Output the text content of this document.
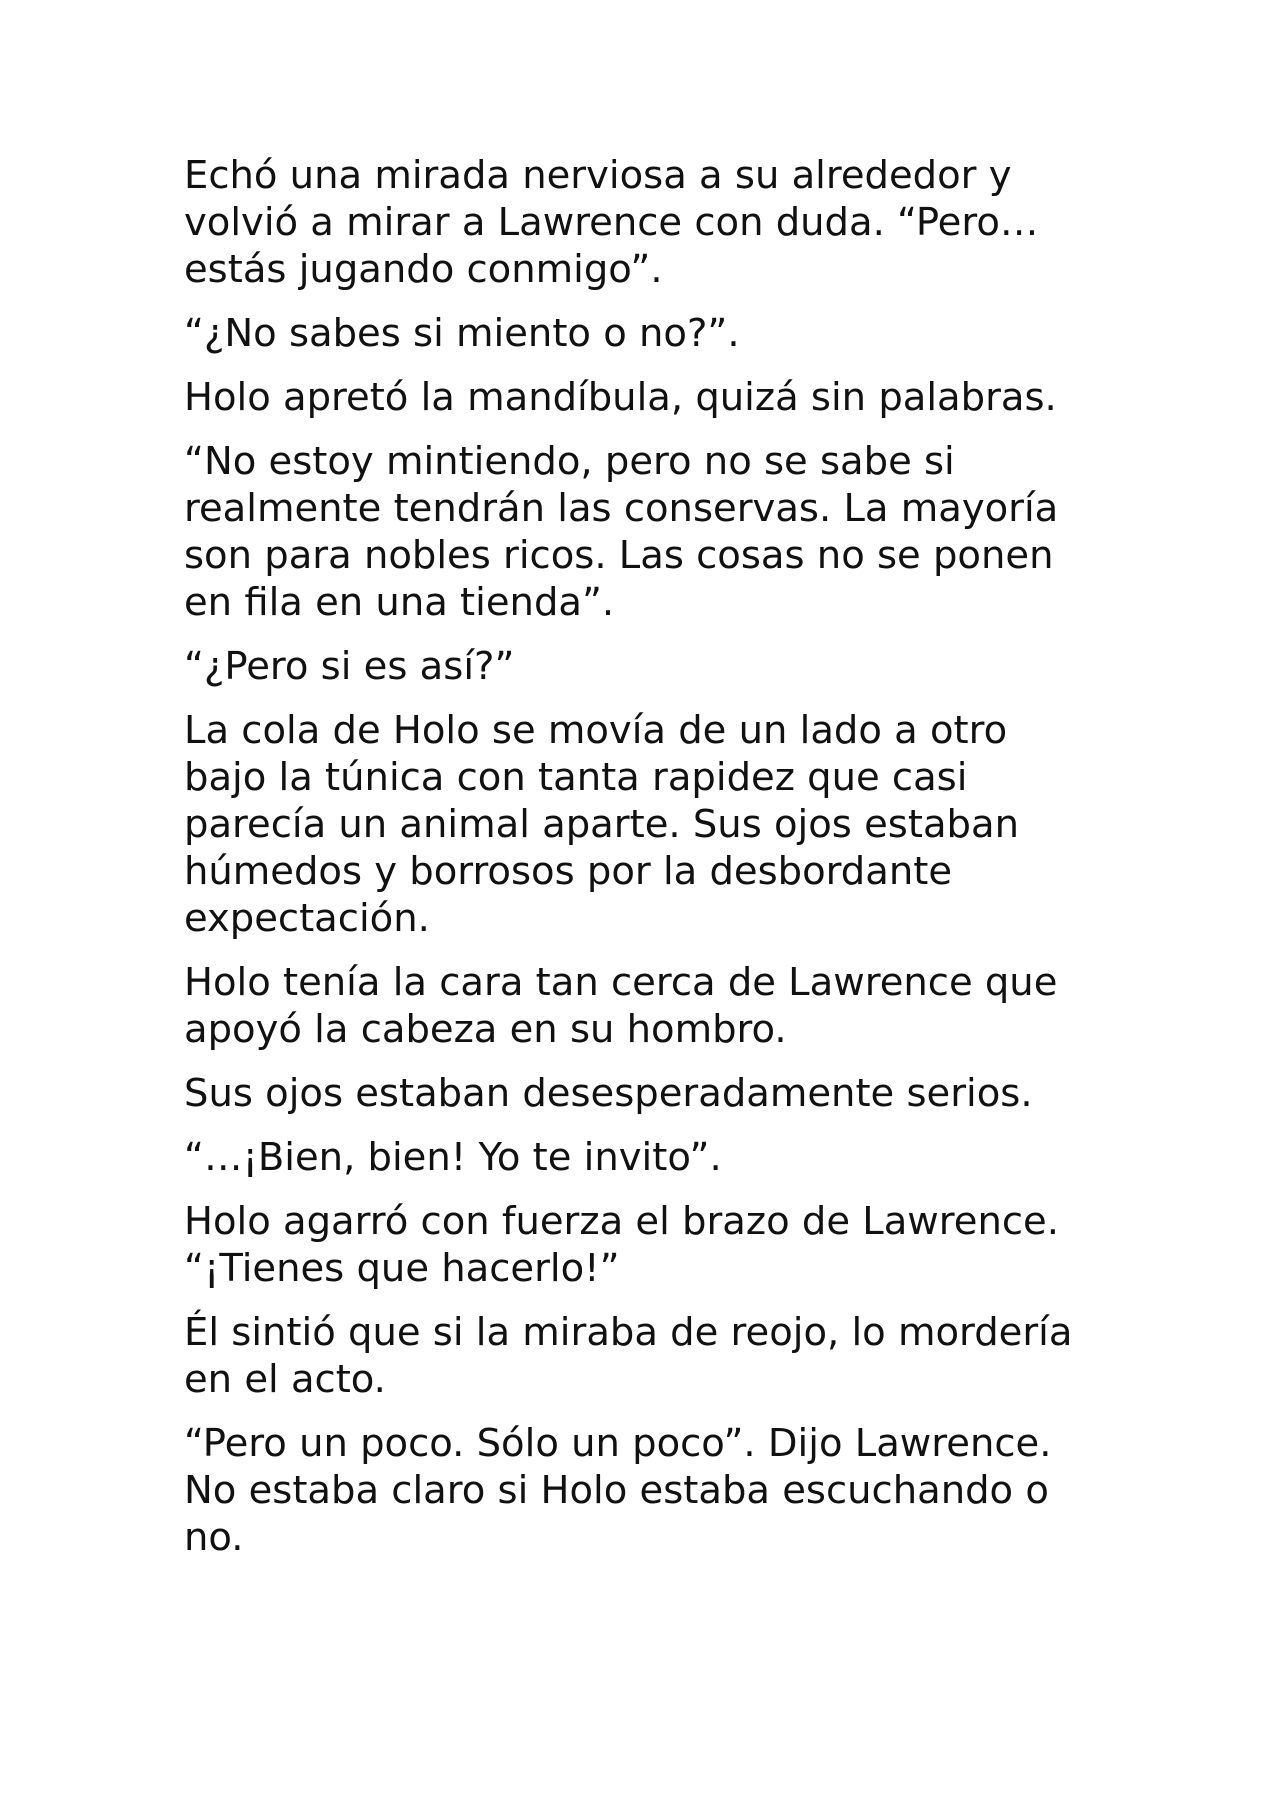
Echó una mirada nerviosa a su alrededor y
volvió a mirar a Lawrence con duda. “Pero…
estás jugando conmigo”.

“¿No sabes si miento o no?”.

Holo apretó la mandíbula, quizá sin palabras.

“No estoy mintiendo, pero no se sabe si
realmente tendrán las conservas. La mayoría
son para nobles ricos. Las cosas no se ponen
en fila en una tienda”.

“¿Pero si es así?”

La cola de Holo se movía de un lado a otro
bajo la túnica con tanta rapidez que casi
parecía un animal aparte. Sus ojos estaban
húmedos y borrosos por la desbordante
expectación.

Holo tenía la cara tan cerca de Lawrence que
apoyó la cabeza en su hombro.

Sus ojos estaban desesperadamente serios.

“…¡Bien, bien! Yo te invito”.

Holo agarró con fuerza el brazo de Lawrence.
“¡Tienes que hacerlo!”

Él sintió que si la miraba de reojo, lo mordería
en el acto.

“Pero un poco. Sólo un poco”. Dijo Lawrence.
No estaba claro si Holo estaba escuchando o
no.
